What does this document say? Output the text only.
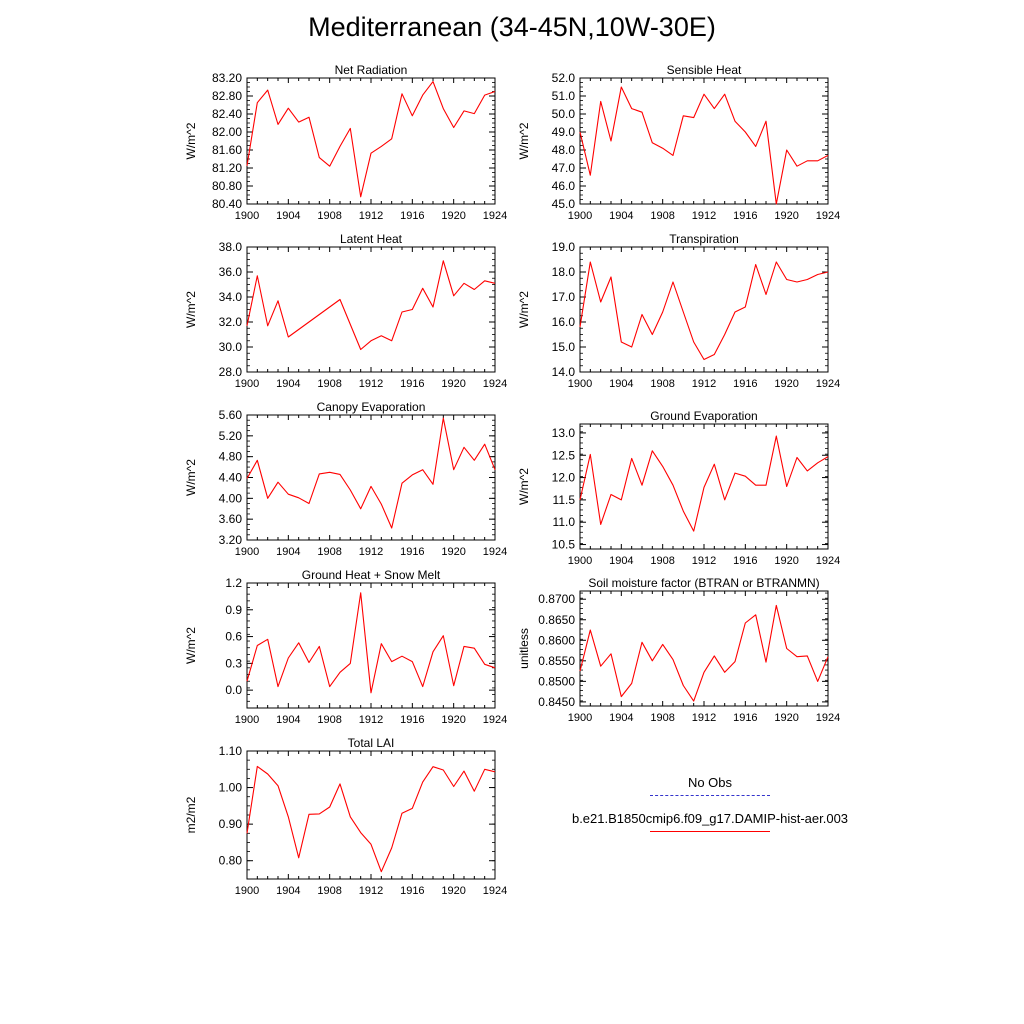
Mediterranean (34-45N,10W-30E)
Net Radiation
W/m^2
1900 1904 1908 1912 1916 1920 1924
80.40
80.80
81.20
81.60
82.00
82.40
82.80
83.20
Sensible Heat
W/m^2
1900 1904 1908 1912 1916 1920 1924
45.0
46.0
47.0
48.0
49.0
50.0
51.0
52.0
Latent Heat
W/m^2
1900 1904 1908 1912 1916 1920 1924
28.0
30.0
32.0
34.0
36.0
38.0
Transpiration
W/m^2
1900 1904 1908 1912 1916 1920 1924
14.0
15.0
16.0
17.0
18.0
19.0
Canopy Evaporation
W/m^2
1900 1904 1908 1912 1916 1920 1924
3.20
3.60
4.00
4.40
4.80
5.20
5.60	Ground Evaporation
W/m^2
1900 1904 1908 1912 1916 1920 1924
10.5
11.0
11.5
12.0
12.5
13.0
Ground Heat + Snow Melt
W/m^2
1900 1904 1908 1912 1916 1920 1924
0.0
0.3
0.6
0.9
1.2	Soil moisture factor (BTRAN or BTRANMN)
unitless
1900 1904 1908 1912 1916 1920 1924
0.8450
0.8500
0.8550
0.8600
0.8650
0.8700
Total LAI
m2/m2
1900 1904 1908 1912 1916 1920 1924
0.80
0.90
1.00
1.10
No Obs
b.e21.B1850cmip6.f09_g17.DAMIP-hist-aer.003
